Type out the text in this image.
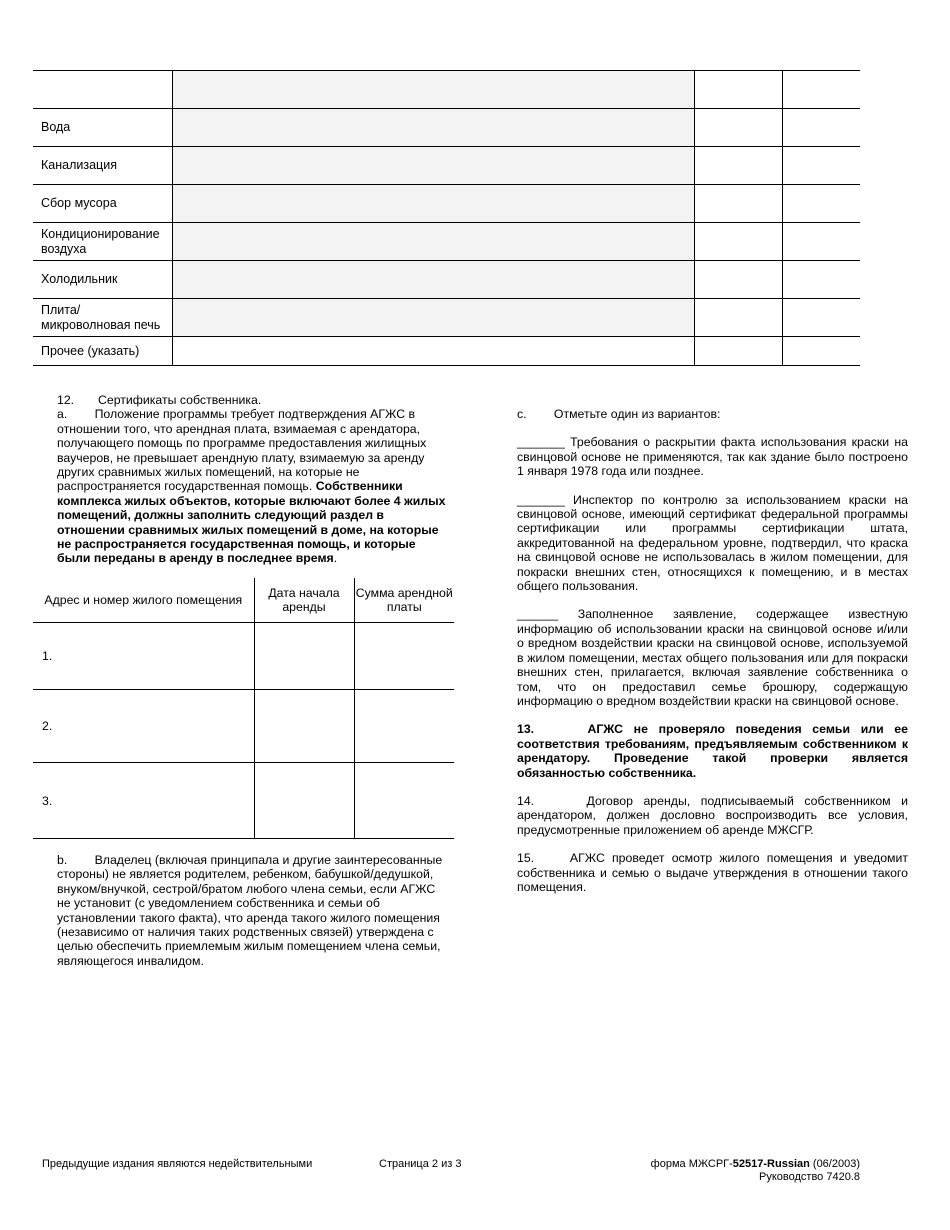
Вода			
Канализация			
Сбор мусора			
Кондиционирование воздуха			
Холодильник			
Плита/ микроволновая печь			
Прочее (указать)			

12.       Сертификаты собственника.

a.        Положение программы требует подтверждения АГЖС в отношении того, что арендная плата, взимаемая с арендатора, получающего помощь по программе предоставления жилищных ваучеров, не превышает арендную плату, взимаемую за аренду других сравнимых жилых помещений, на которые не распространяется государственная помощь. Собственники комплекса жилых объектов, которые включают более 4 жилых помещений, должны заполнить следующий раздел в отношении сравнимых жилых помещений в доме, на которые не распространяется государственная помощь, и которые были переданы в аренду в последнее время.

Адрес и номер жилого помещения	Дата начала аренды	Сумма арендной платы
1.		
2.		
3.		

b.        Владелец (включая принципала и другие заинтересованные стороны) не является родителем, ребенком, бабушкой/дедушкой, внуком/внучкой, сестрой/братом любого члена семьи, если АГЖС не установит (с уведомлением собственника и семьи об установлении такого факта), что аренда такого жилого помещения (независимо от наличия таких родственных связей) утверждена с целью обеспечить приемлемым жилым помещением члена семьи, являющегося инвалидом.

c.        Отметьте один из вариантов:

_______ Требования о раскрытии факта использования краски на свинцовой основе не применяются, так как здание было построено 1 января 1978 года или позднее.

_______ Инспектор по контролю за использованием краски на свинцовой основе, имеющий сертификат федеральной программы сертификации или программы сертификации штата, аккредитованной на федеральном уровне, подтвердил, что краска на свинцовой основе не использовалась в жилом помещении, для покраски внешних стен, относящихся к помещению, и в местах общего пользования.

______ Заполненное заявление, содержащее известную информацию об использовании краски на свинцовой основе и/или о вредном воздействии краски на свинцовой основе, используемой в жилом помещении, местах общего пользования или для покраски внешних стен, прилагается, включая заявление собственника о том, что он предоставил семье брошюру, содержащую информацию о вредном воздействии краски на свинцовой основе.

13.     АГЖС не проверяло поведения семьи или ее соответствия требованиям, предъявляемым собственником к арендатору. Проведение такой проверки является обязанностью собственника.

14.     Договор аренды, подписываемый собственником и арендатором, должен дословно воспроизводить все условия, предусмотренные приложением об аренде МЖСГР.

15.     АГЖС проведет осмотр жилого помещения и уведомит собственника и семью о выдаче утверждения в отношении такого помещения.

Предыдущие издания являются недействительными	Страница 2 из 3	форма МЖСРГ-52517-Russian (06/2003)
Руководство 7420.8
